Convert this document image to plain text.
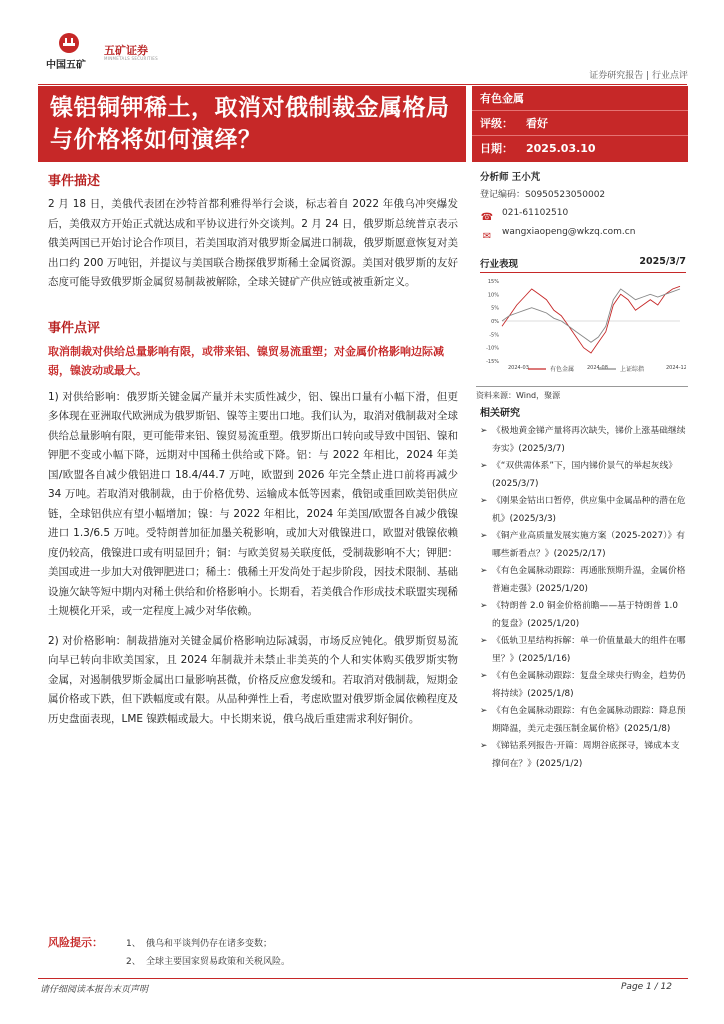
中国五矿
五矿证券
MINMETALS SECURITIES
证券研究报告 | 行业点评
镍铝铜钾稀土，取消对俄制裁金属格局
与价格将如何演绎？
有色金属
评级：	看好
日期：	2025.03.10
事件描述

2 月 18 日，美俄代表团在沙特首都利雅得举行会谈，标志着自 2022 年俄乌冲突爆发后，美俄双方开始正式就达成和平协议进行外交谈判。2 月 24 日，俄罗斯总统普京表示俄美两国已开始讨论合作项目，若美国取消对俄罗斯金属进口制裁，俄罗斯愿意恢复对美出口约 200 万吨铝，并提议与美国联合勘探俄罗斯稀土金属资源。美国对俄罗斯的友好态度可能导致俄罗斯金属贸易制裁被解除，全球关键矿产供应链或被重新定义。

事件点评

取消制裁对供给总量影响有限，或带来铝、镍贸易流重塑；对金属价格影响边际减弱，镍波动或最大。

1) 对供给影响：俄罗斯关键金属产量并未实质性减少，铝、镍出口量有小幅下滑，但更多体现在亚洲取代欧洲成为俄罗斯铝、镍等主要出口地。我们认为，取消对俄制裁对全球供给总量影响有限，更可能带来铝、镍贸易流重塑。俄罗斯出口转向或导致中国铝、镍和钾肥不变或小幅下降，远期对中国稀土供给或下降。铝：与 2022 年相比，2024 年美国/欧盟各自减少俄铝进口 18.4/44.7 万吨，欧盟到 2026 年完全禁止进口前将再减少 34 万吨。若取消对俄制裁，由于价格优势、运输成本低等因素，俄铝或重回欧美铝供应链，全球铝供应有望小幅增加；镍：与 2022 年相比，2024 年美国/欧盟各自减少俄镍进口 1.3/6.5 万吨。受特朗普加征加墨关税影响，或加大对俄镍进口，欧盟对俄镍依赖度仍较高，俄镍进口或有明显回升；铜：与欧美贸易关联度低，受制裁影响不大；钾肥：美国或进一步加大对俄钾肥进口；稀土：俄稀土开发尚处于起步阶段，因技术限制、基础设施欠缺等短中期内对稀土供给和价格影响小。长期看，若美俄合作形成技术联盟实现稀土规模化开采，或一定程度上减少对华依赖。

2) 对价格影响：制裁措施对关键金属价格影响边际减弱，市场反应钝化。俄罗斯贸易流向早已转向非欧美国家，且 2024 年制裁并未禁止非美英的个人和实体购买俄罗斯实物金属，对遏制俄罗斯金属出口量影响甚微，价格反应愈发缓和。若取消对俄制裁，短期金属价格或下跌，但下跌幅度或有限。从品种弹性上看，考虑欧盟对俄罗斯金属依赖程度及历史盘面表现，LME 镍跌幅或最大。中长期来说，俄乌战后重建需求利好铜价。

分析师 王小芃
登记编码：S0950523050002
☎ 021-61102510
✉	wangxiaopeng@wkzq.com.cn
行业表现	2025/3/7
15%
10%
5%
0%
-5%
-10%
-15%
2024-03	2024-08	2024-12
有色金属	上证综指
资料来源：Wind，聚源
相关研究
➢ 《极地黄金锑产量将再次缺失，锑价上涨基础继续夯实》(2025/3/7)
➢ 《“双供需体系”下，国内锑价景气的举起灰线》(2025/3/7)
➢ 《刚果金钴出口暂停，供应集中金属品种的潜在危机》(2025/3/3)
➢ 《铜产业高质量发展实施方案（2025-2027）》有哪些新看点？》(2025/2/17)
➢ 《有色金属脉动跟踪：再通胀预期升温，金属价格普遍走强》(2025/1/20)
➢ 《特朗普 2.0 铜金价格前瞻——基于特朗普 1.0 的复盘》(2025/1/20)
➢ 《低轨卫星结构拆解：单一价值量最大的组件在哪里？》(2025/1/16)
➢ 《有色金属脉动跟踪：复盘全球央行购金，趋势仍将持续》(2025/1/8)
➢ 《有色金属脉动跟踪：有色金属脉动跟踪：降息预期降温，美元走强压制金属价格》(2025/1/8)
➢ 《锑钴系列报告·开篇：周期谷底探寻，锑成本支撑何在？》(2025/1/2)
风险提示：	1、 俄乌和平谈判仍存在诸多变数；
2、 全球主要国家贸易政策和关税风险。
请仔细阅读本报告末页声明	Page 1 / 12
